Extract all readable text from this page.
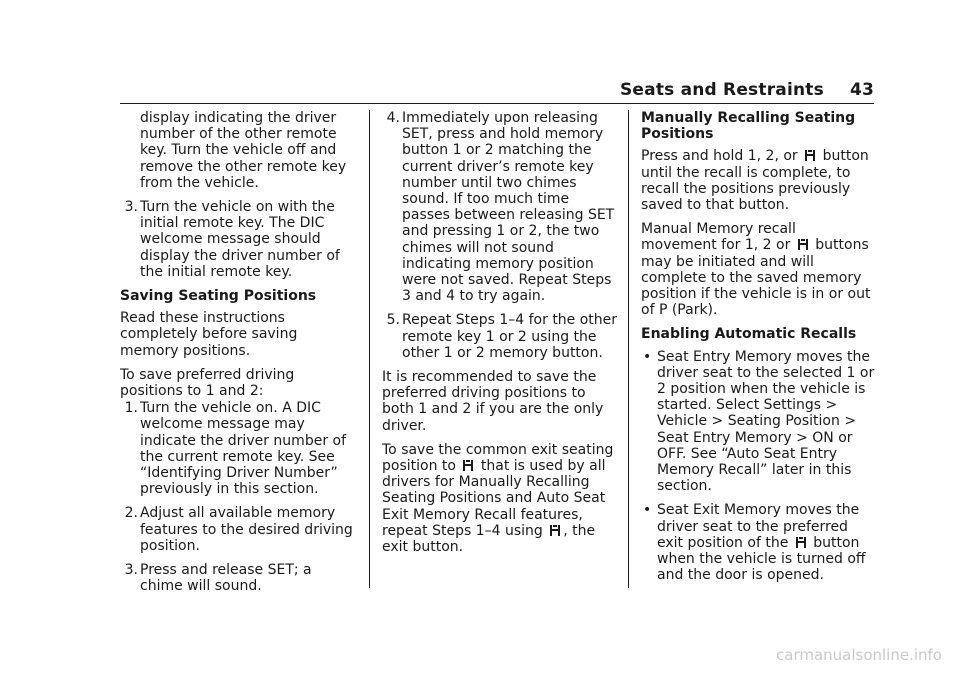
Seats and Restraints 43

display indicating the driver number of the other remote key. Turn the vehicle off and remove the other remote key from the vehicle.

3. Turn the vehicle on with the initial remote key. The DIC welcome message should display the driver number of the initial remote key.

Saving Seating Positions

Read these instructions completely before saving memory positions.

To save preferred driving positions to 1 and 2:

1. Turn the vehicle on. A DIC welcome message may indicate the driver number of the current remote key. See “Identifying Driver Number” previously in this section.

2. Adjust all available memory features to the desired driving position.

3. Press and release SET; a chime will sound.

4. Immediately upon releasing SET, press and hold memory button 1 or 2 matching the current driver’s remote key number until two chimes sound. If too much time passes between releasing SET and pressing 1 or 2, the two chimes will not sound indicating memory position were not saved. Repeat Steps 3 and 4 to try again.

5. Repeat Steps 1–4 for the other remote key 1 or 2 using the other 1 or 2 memory button.

It is recommended to save the preferred driving positions to both 1 and 2 if you are the only driver.

To save the common exit seating position to that is used by all drivers for Manually Recalling Seating Positions and Auto Seat Exit Memory Recall features, repeat Steps 1–4 using , the exit button.

Manually Recalling Seating Positions

Press and hold 1, 2, or button until the recall is complete, to recall the positions previously saved to that button.

Manual Memory recall
movement for 1, 2 or buttons may be initiated and will complete to the saved memory position if the vehicle is in or out of P (Park).

Enabling Automatic Recalls

• Seat Entry Memory moves the driver seat to the selected 1 or 2 position when the vehicle is started. Select Settings > Vehicle > Seating Position > Seat Entry Memory > ON or OFF. See “Auto Seat Entry Memory Recall” later in this section.

• Seat Exit Memory moves the driver seat to the preferred exit position of the button when the vehicle is turned off and the door is opened.

carmanualsonline.info
